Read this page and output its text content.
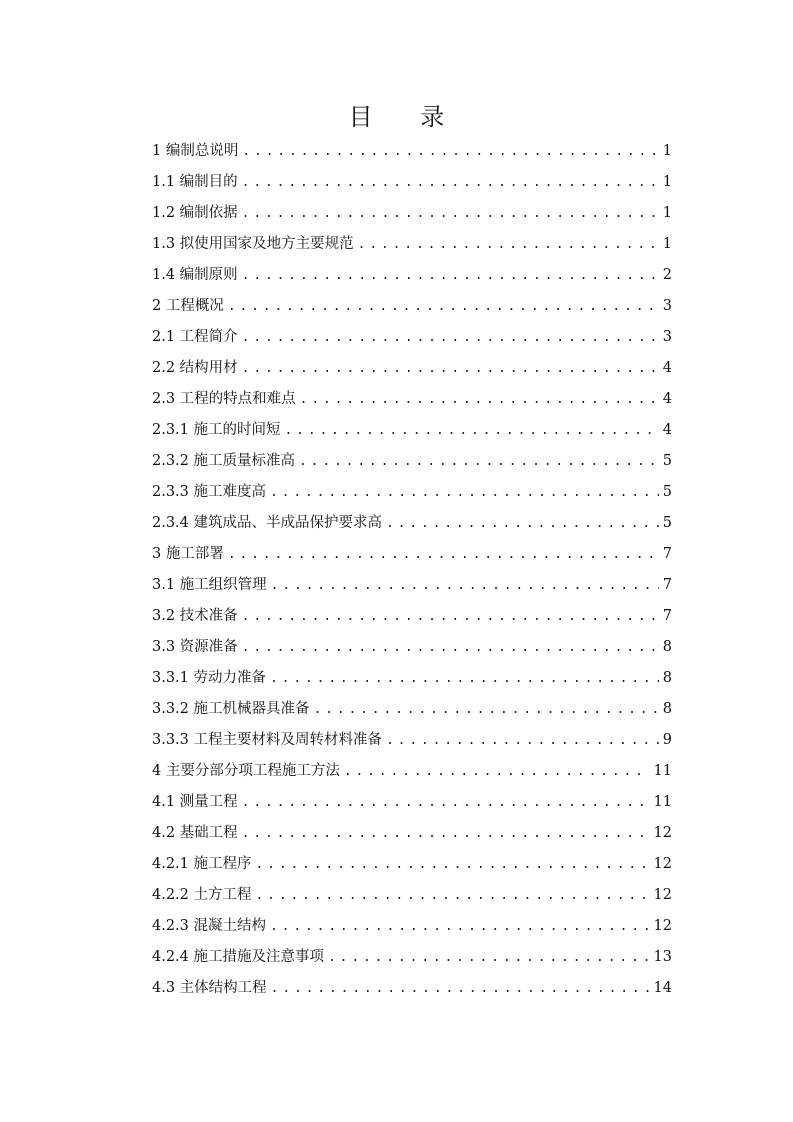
目 录
1 编制总说明 . . .	1
1.1 编制目的 . . .	1
1.2 编制依据 . . .	1
1.3 拟使用国家及地方主要规范 . . .	1
1.4 编制原则 . . .	2
2 工程概况 . . .	3
2.1 工程简介 . . .	3
2.2 结构用材 . . .	4
2.3 工程的特点和难点 . . .	4
2.3.1 施工的时间短 . . .	4
2.3.2 施工质量标准高 . . .	5
2.3.3 施工难度高 . . .	5
2.3.4 建筑成品、半成品保护要求高 . . .	5
3 施工部署 . . .	7
3.1 施工组织管理 . . .	7
3.2 技术准备 . . .	7
3.3 资源准备 . . .	8
3.3.1 劳动力准备 . . .	8
3.3.2 施工机械器具准备 . . .	8
3.3.3 工程主要材料及周转材料准备 . . .	9
4 主要分部分项工程施工方法 . . .	11
4.1 测量工程 . . .	11
4.2 基础工程 . . .	12
4.2.1 施工程序 . . .	12
4.2.2 土方工程 . . .	12
4.2.3 混凝土结构 . . .	12
4.2.4 施工措施及注意事项 . . .	13
4.3 主体结构工程 . . .	14
